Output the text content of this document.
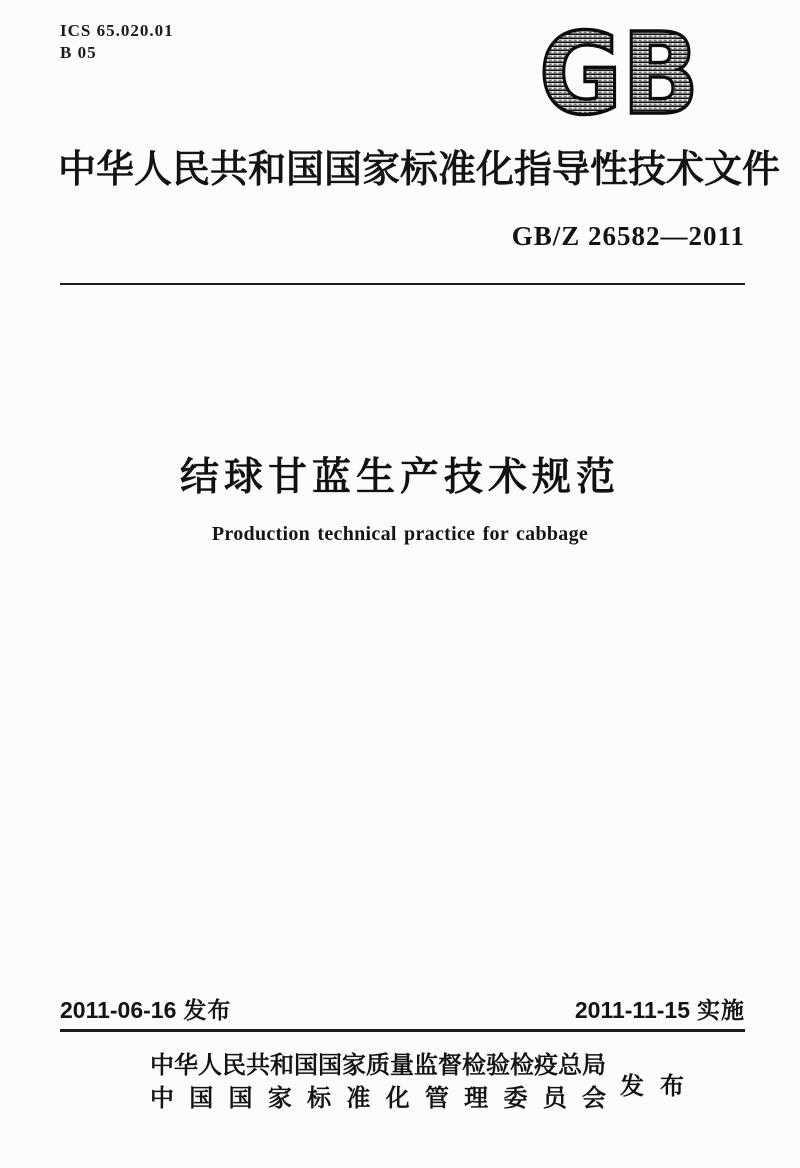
ICS 65.020.01
B 05	GB
中华人民共和国国家标准化指导性技术文件
GB/Z 26582—2011
结球甘蓝生产技术规范
Production technical practice for cabbage
2011-06-16 发布	2011-11-15 实施
中华人民共和国国家质量监督检验检疫总局
中国国家标准化管理委员会 发布
